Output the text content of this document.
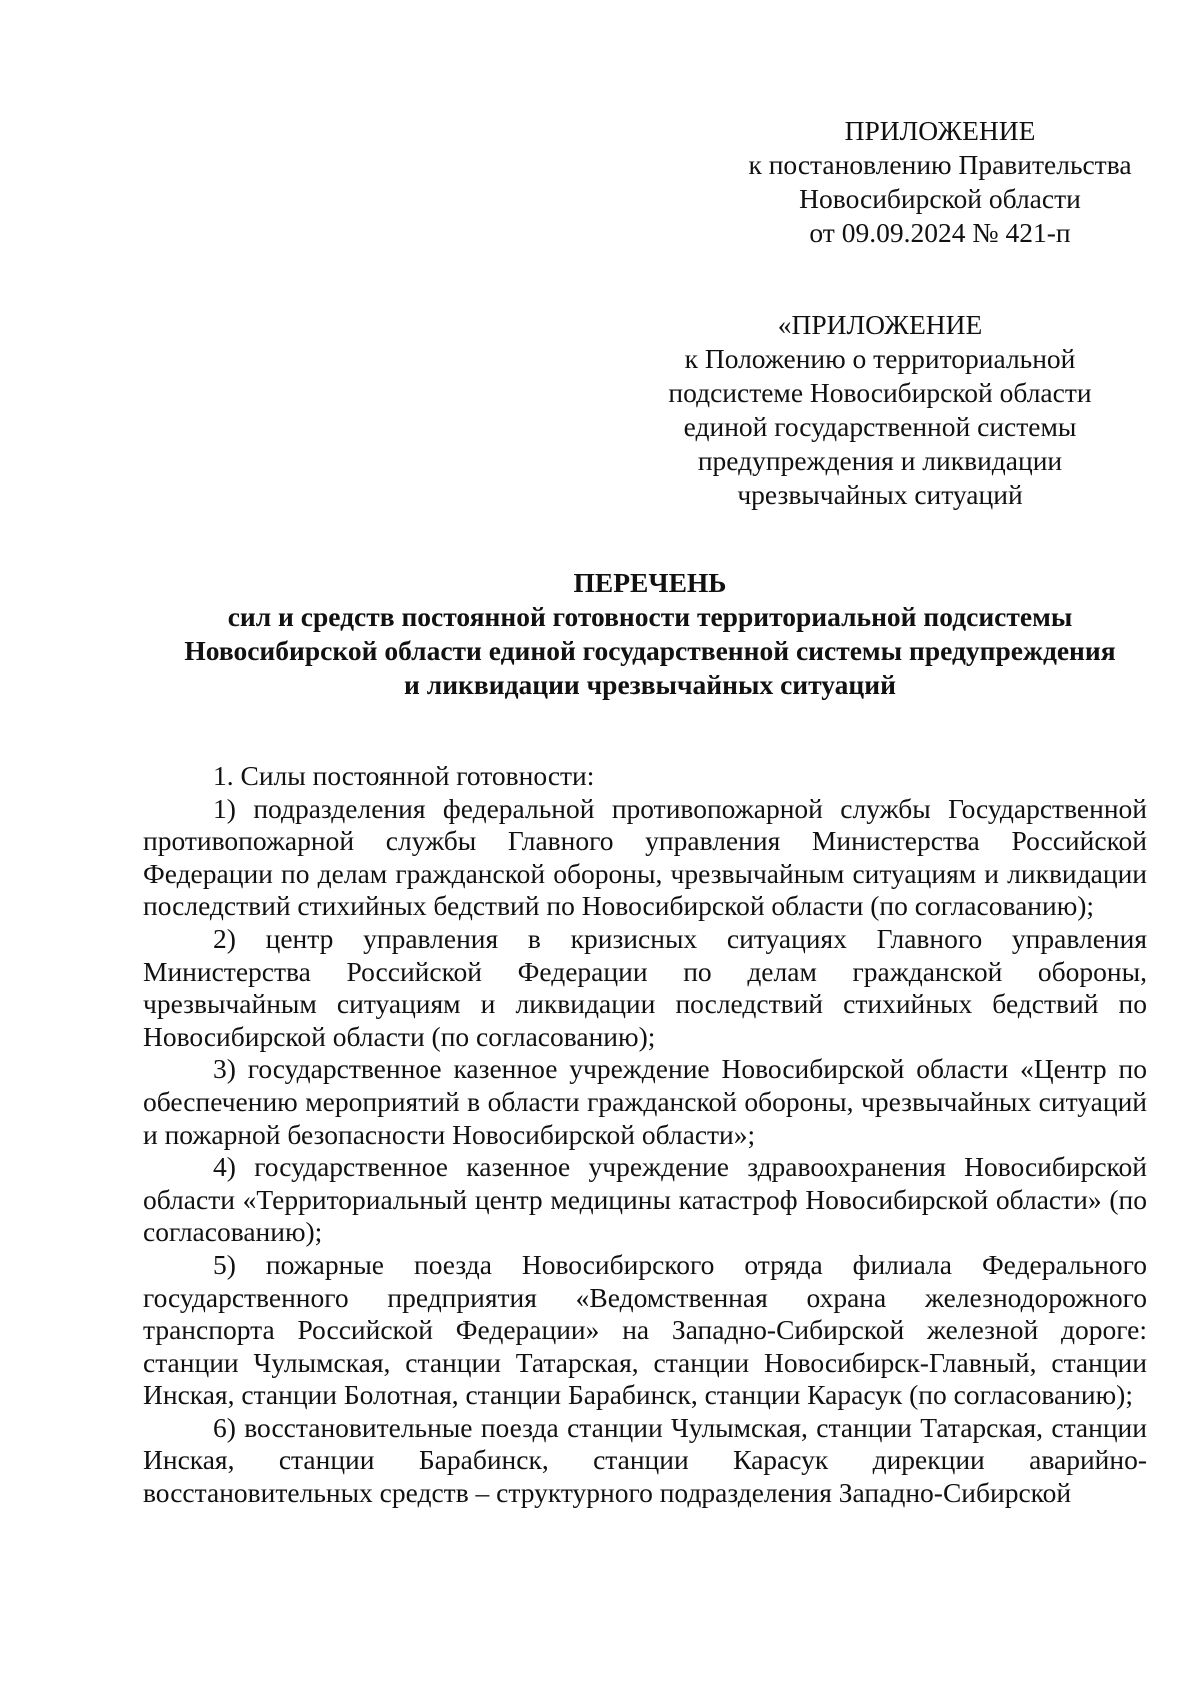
ПРИЛОЖЕНИЕ
к постановлению Правительства
Новосибирской области
от 09.09.2024 № 421-п
«ПРИЛОЖЕНИЕ
к Положению о территориальной
подсистеме Новосибирской области
единой государственной системы
предупреждения и ликвидации
чрезвычайных ситуаций
ПЕРЕЧЕНЬ
сил и средств постоянной готовности территориальной подсистемы
Новосибирской области единой государственной системы предупреждения
и ликвидации чрезвычайных ситуаций

1. Силы постоянной готовности:

1) подразделения федеральной противопожарной службы Государственной противопожарной службы Главного управления Министерства Российской Федерации по делам гражданской обороны, чрезвычайным ситуациям и ликвидации последствий стихийных бедствий по Новосибирской области (по согласованию);

2) центр управления в кризисных ситуациях Главного управления Министерства Российской Федерации по делам гражданской обороны, чрезвычайным ситуациям и ликвидации последствий стихийных бедствий по Новосибирской области (по согласованию);

3) государственное казенное учреждение Новосибирской области «Центр по обеспечению мероприятий в области гражданской обороны, чрезвычайных ситуаций и пожарной безопасности Новосибирской области»;

4) государственное казенное учреждение здравоохранения Новосибирской области «Территориальный центр медицины катастроф Новосибирской области» (по согласованию);

5) пожарные поезда Новосибирского отряда филиала Федерального государственного предприятия «Ведомственная охрана железнодорожного транспорта Российской Федерации» на Западно-Сибирской железной дороге: станции Чулымская, станции Татарская, станции Новосибирск-Главный, станции Инская, станции Болотная, станции Барабинск, станции Карасук (по согласованию);

6) восстановительные поезда станции Чулымская, станции Татарская, станции Инская, станции Барабинск, станции Карасук дирекции аварийно-восстановительных средств – структурного подразделения Западно-Сибирской
